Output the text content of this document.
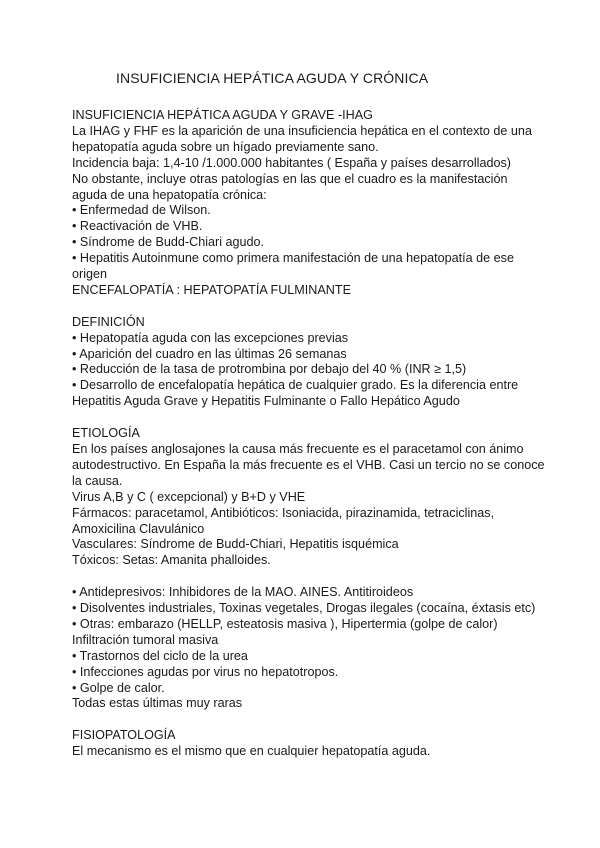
INSUFICIENCIA HEPÁTICA AGUDA Y CRÓNICA
INSUFICIENCIA HEPÁTICA AGUDA Y GRAVE -IHAG
La IHAG y FHF es la aparición de una insuficiencia hepática en el contexto de una
hepatopatía aguda sobre un hígado previamente sano.
Incidencia baja: 1,4-10 /1.000.000 habitantes ( España y países desarrollados)
No obstante, incluye otras patologías en las que el cuadro es la manifestación
aguda de una hepatopatía crónica:
• Enfermedad de Wilson.
• Reactivación de VHB.
• Síndrome de Budd-Chiari agudo.
• Hepatitis Autoinmune como primera manifestación de una hepatopatía de ese
origen
ENCEFALOPATÍA : HEPATOPATÍA FULMINANTE
DEFINICIÓN
• Hepatopatía aguda con las excepciones previas
• Aparición del cuadro en las últimas 26 semanas
• Reducción de la tasa de protrombina por debajo del 40 % (INR ≥ 1,5)
• Desarrollo de encefalopatía hepática de cualquier grado. Es la diferencia entre
Hepatitis Aguda Grave y Hepatitis Fulminante o Fallo Hepático Agudo
ETIOLOGÍA
En los países anglosajones la causa más frecuente es el paracetamol con ánimo
autodestructivo. En España la más frecuente es el VHB. Casi un tercio no se conoce
la causa.
Virus A,B y C ( excepcional) y B+D y VHE
Fármacos: paracetamol, Antibióticos: Isoniacida, pirazinamida, tetraciclinas,
Amoxicilina Clavulánico
Vasculares: Síndrome de Budd-Chiari, Hepatitis isquémica
Tóxicos: Setas: Amanita phalloides.
• Antidepresivos: Inhibidores de la MAO. AINES. Antitiroideos
• Disolventes industriales, Toxinas vegetales, Drogas ilegales (cocaína, éxtasis etc)
• Otras: embarazo (HELLP, esteatosis masiva ), Hipertermia (golpe de calor)
Infiltración tumoral masiva
• Trastornos del ciclo de la urea
• Infecciones agudas por virus no hepatotropos.
• Golpe de calor.
Todas estas últimas muy raras
FISIOPATOLOGÍA
El mecanismo es el mismo que en cualquier hepatopatía aguda.
